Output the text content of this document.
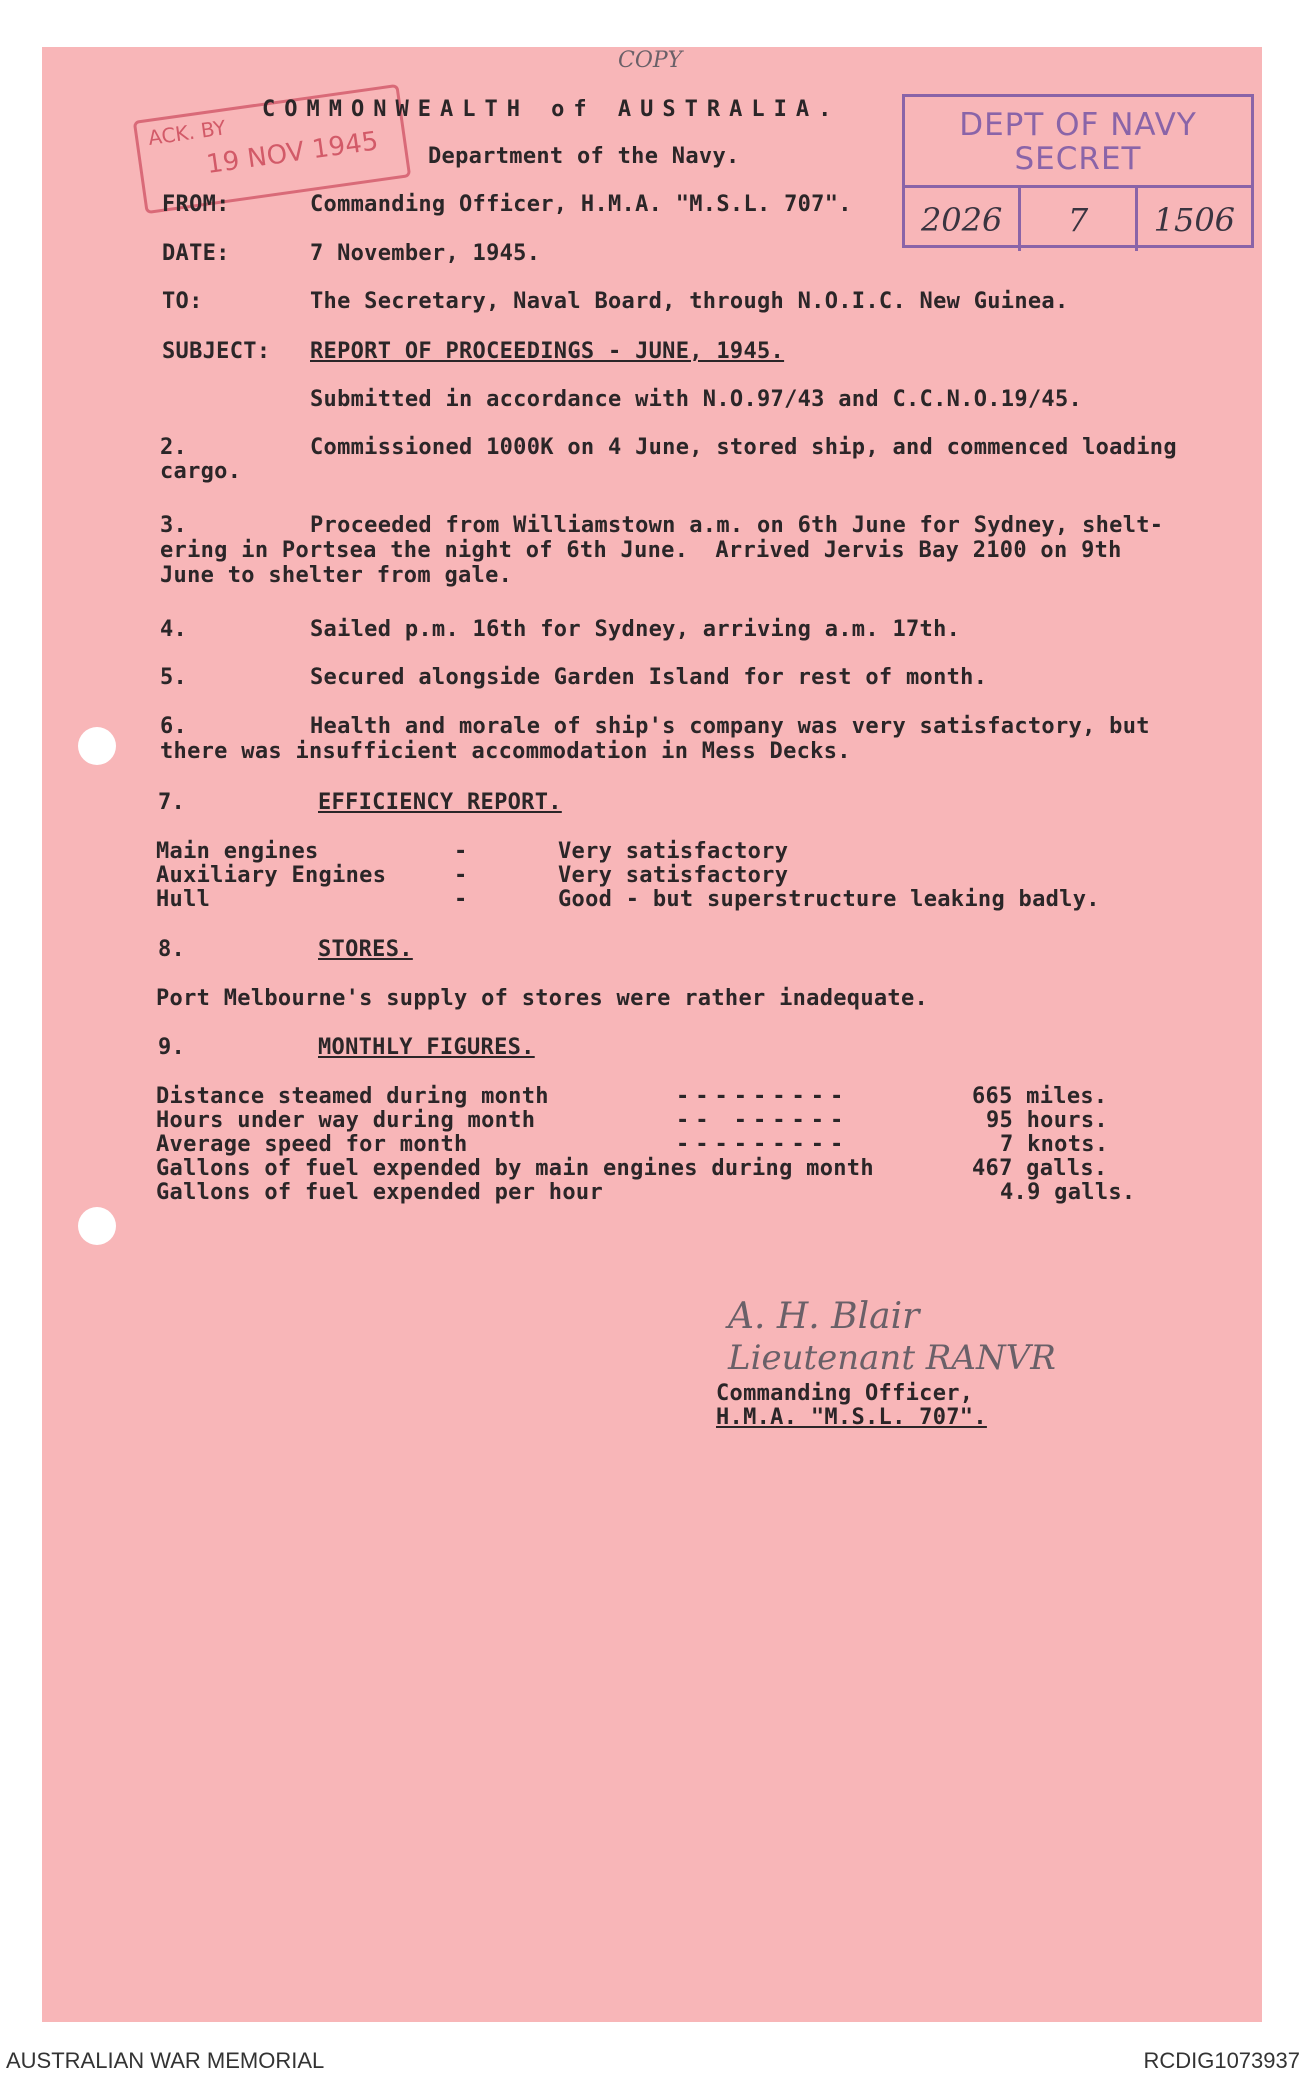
COPY
ACK. BY
19 NOV 1945
DEPT OF NAVY
SECRET
2026	7	1506
COMMONWEALTH of AUSTRALIA.
Department of the Navy.
FROM:	Commanding Officer, H.M.A. "M.S.L. 707".
DATE:	7 November, 1945.
TO:	The Secretary, Naval Board, through N.O.I.C. New Guinea.
SUBJECT: REPORT OF PROCEEDINGS - JUNE, 1945.
Submitted in accordance with N.O.97/43 and C.C.N.O.19/45.
2.	Commissioned 1000K on 4 June, stored ship, and commenced loading
cargo.
3.	Proceeded from Williamstown a.m. on 6th June for Sydney, shelt-
ering in Portsea the night of 6th June.  Arrived Jervis Bay 2100 on 9th
June to shelter from gale.
4.	Sailed p.m. 16th for Sydney, arriving a.m. 17th.
5.	Secured alongside Garden Island for rest of month.
6.	Health and morale of ship's company was very satisfactory, but
there was insufficient accommodation in Mess Decks.
7.	EFFICIENCY REPORT.
Main engines	-	Very satisfactory
Auxiliary Engines	-	Very satisfactory
Hull	-	Good - but superstructure leaking badly.
8.	STORES.
Port Melbourne's supply of stores were rather inadequate.
9.	MONTHLY FIGURES.
Distance steamed during month	---------	665 miles.
Hours under way during month	-- ------	95 hours.
Average speed for month	---------	7 knots.
Gallons of fuel expended by main engines during month	467 galls.
Gallons of fuel expended per hour	4.9 galls.
A. H. Blair
Lieutenant RANVR
Commanding Officer,
H.M.A. "M.S.L. 707".
AUSTRALIAN WAR MEMORIAL	RCDIG1073937
